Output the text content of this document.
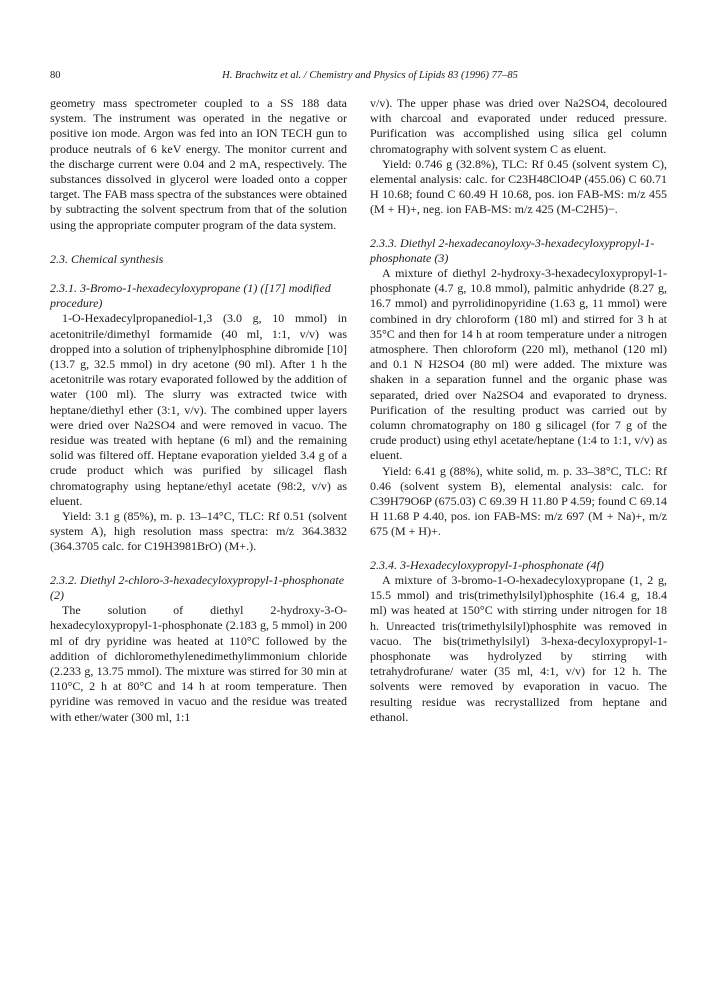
80	H. Brachwitz et al. / Chemistry and Physics of Lipids 83 (1996) 77–85

geometry mass spectrometer coupled to a SS 188 data system. The instrument was operated in the negative or positive ion mode. Argon was fed into an ION TECH gun to produce neutrals of 6 keV energy. The monitor current and the discharge current were 0.04 and 2 mA, respectively. The substances dissolved in glycerol were loaded onto a copper target. The FAB mass spectra of the substances were obtained by subtracting the solvent spectrum from that of the solution using the appropriate computer program of the data system.

2.3. Chemical synthesis

2.3.1. 3-Bromo-1-hexadecyloxypropane (1) ([17] modified procedure)

1-O-Hexadecylpropanediol-1,3 (3.0 g, 10 mmol) in acetonitrile/dimethyl formamide (40 ml, 1:1, v/v) was dropped into a solution of triphenylphosphine dibromide [10] (13.7 g, 32.5 mmol) in dry acetone (90 ml). After 1 h the acetonitrile was rotary evaporated followed by the addition of water (100 ml). The slurry was extracted twice with heptane/diethyl ether (3:1, v/v). The combined upper layers were dried over Na2SO4 and were removed in vacuo. The residue was treated with heptane (6 ml) and the remaining solid was filtered off. Heptane evaporation yielded 3.4 g of a crude product which was purified by silicagel flash chromatography using heptane/ethyl acetate (98:2, v/v) as eluent.

Yield: 3.1 g (85%), m. p. 13–14°C, TLC: Rf 0.51 (solvent system A), high resolution mass spectra: m/z 364.3832 (364.3705 calc. for C19H3981BrO) (M+.).

2.3.2. Diethyl 2-chloro-3-hexadecyloxypropyl-1-phosphonate (2)

The solution of diethyl 2-hydroxy-3-O-hexadecyloxypropyl-1-phosphonate (2.183 g, 5 mmol) in 200 ml of dry pyridine was heated at 110°C followed by the addition of dichloromethylenedimethylimmonium chloride (2.233 g, 13.75 mmol). The mixture was stirred for 30 min at 110°C, 2 h at 80°C and 14 h at room temperature. Then pyridine was removed in vacuo and the residue was treated with ether/water (300 ml, 1:1

v/v). The upper phase was dried over Na2SO4, decoloured with charcoal and evaporated under reduced pressure. Purification was accomplished using silica gel column chromatography with solvent system C as eluent.

Yield: 0.746 g (32.8%), TLC: Rf 0.45 (solvent system C), elemental analysis: calc. for C23H48ClO4P (455.06) C 60.71 H 10.68; found C 60.49 H 10.68, pos. ion FAB-MS: m/z 455 (M + H)+, neg. ion FAB-MS: m/z 425 (M-C2H5)−.

2.3.3. Diethyl 2-hexadecanoyloxy-3-hexadecyloxypropyl-1-phosphonate (3)

A mixture of diethyl 2-hydroxy-3-hexadecyloxypropyl-1-phosphonate (4.7 g, 10.8 mmol), palmitic anhydride (8.27 g, 16.7 mmol) and pyrrolidinopyridine (1.63 g, 11 mmol) were combined in dry chloroform (180 ml) and stirred for 3 h at 35°C and then for 14 h at room temperature under a nitrogen atmosphere. Then chloroform (220 ml), methanol (120 ml) and 0.1 N H2SO4 (80 ml) were added. The mixture was shaken in a separation funnel and the organic phase was separated, dried over Na2SO4 and evaporated to dryness. Purification of the resulting product was carried out by column chromatography on 180 g silicagel (for 7 g of the crude product) using ethyl acetate/heptane (1:4 to 1:1, v/v) as eluent.

Yield: 6.41 g (88%), white solid, m. p. 33–38°C, TLC: Rf 0.46 (solvent system B), elemental analysis: calc. for C39H79O6P (675.03) C 69.39 H 11.80 P 4.59; found C 69.14 H 11.68 P 4.40, pos. ion FAB-MS: m/z 697 (M + Na)+, m/z 675 (M + H)+.

2.3.4. 3-Hexadecyloxypropyl-1-phosphonate (4f)

A mixture of 3-bromo-1-O-hexadecyloxypropane (1, 2 g, 15.5 mmol) and tris(trimethylsilyl)phosphite (16.4 g, 18.4 ml) was heated at 150°C with stirring under nitrogen for 18 h. Unreacted tris(trimethylsilyl)phosphite was removed in vacuo. The bis(trimethylsilyl) 3-hexa-decyloxypropyl-1-phosphonate was hydrolyzed by stirring with tetrahydrofurane/ water (35 ml, 4:1, v/v) for 12 h. The solvents were removed by evaporation in vacuo. The resulting residue was recrystallized from heptane and ethanol.
